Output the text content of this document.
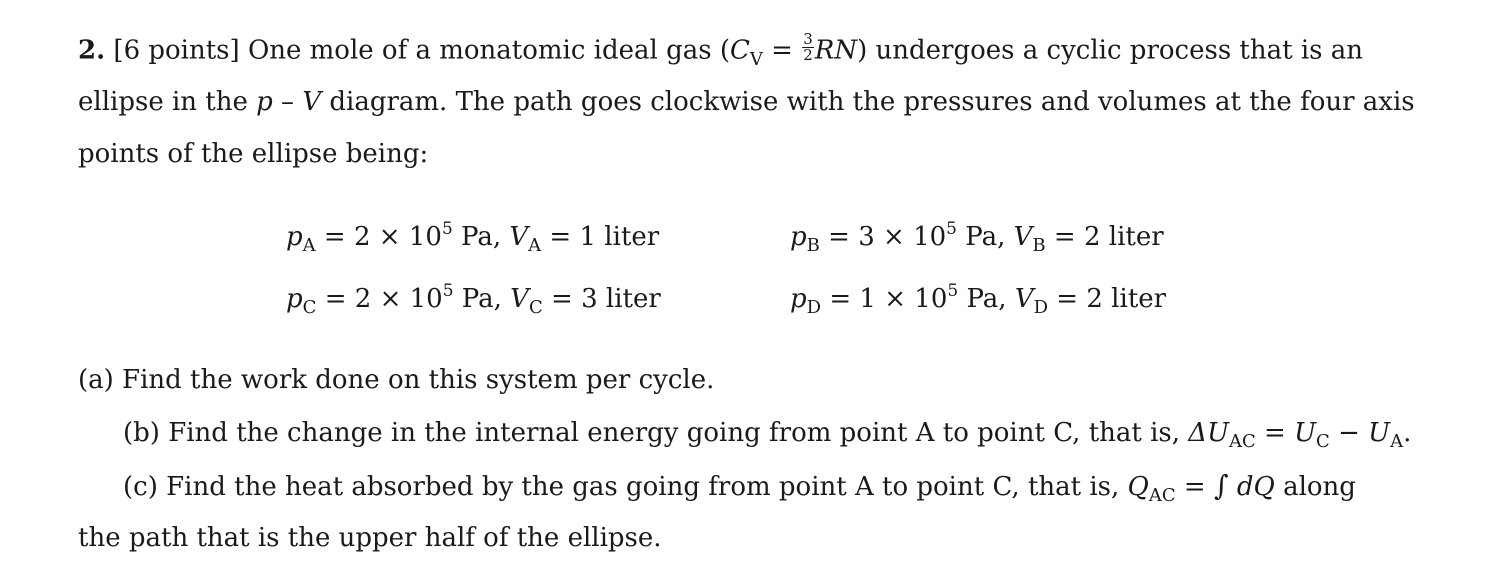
2. [6 points] One mole of a monatomic ideal gas $(C_V = \frac{3}{2} RN)$ undergoes a cyclic process that is an
ellipse in the p – V diagram. The path goes clockwise with the pressures and volumes at the four axis
points of the ellipse being:
$p_A = 2 \times 10^5$ Pa, $V_A = 1$ liter	$p_B = 3 \times 10^5$ Pa, $V_B = 2$ liter
$p_C = 2 \times 10^5$ Pa, $V_C = 3$ liter	$p_D = 1 \times 10^5$ Pa, $V_D = 2$ liter
(a) Find the work done on this system per cycle.
(b) Find the change in the internal energy going from point A to point C, that is, $\Delta U_{AC} = U_C - U_A$.
(c) Find the heat absorbed by the gas going from point A to point C, that is, $Q_{AC}$ = ∫ dQ along
the path that is the upper half of the ellipse.
